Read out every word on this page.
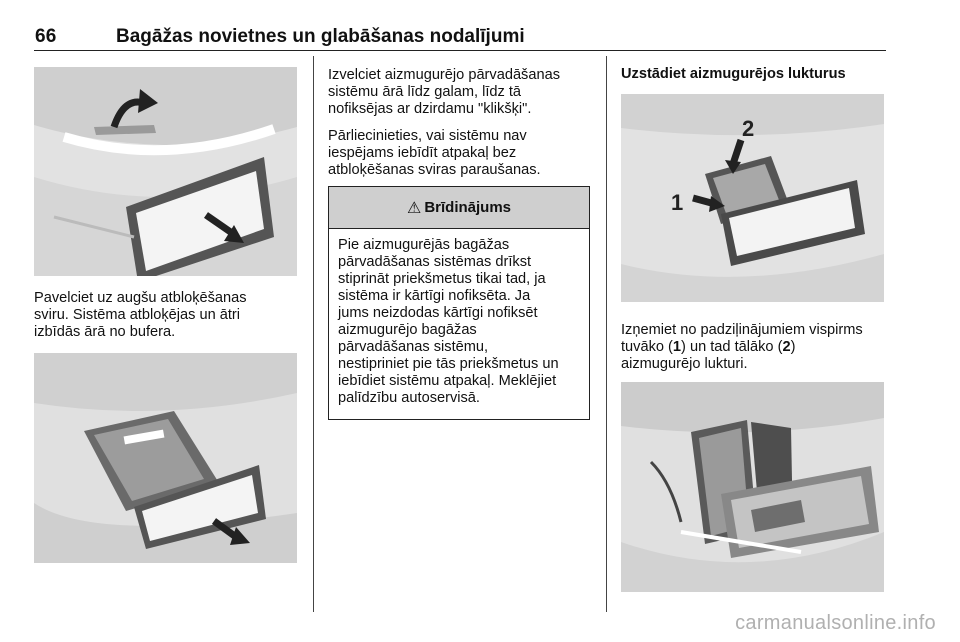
66	Bagāžas novietnes un glabāšanas nodalījumi

Pavelciet uz augšu atbloķēšanas
sviru. Sistēma atbloķējas un ātri
izbīdās ārā no bufera.

Izvelciet aizmugurējo pārvadāšanas
sistēmu ārā līdz galam, līdz tā
nofiksējas ar dzirdamu "klikšķi".

Pārliecinieties, vai sistēmu nav
iespējams iebīdīt atpakaļ bez
atbloķēšanas sviras paraušanas.

⚠ Brīdinājums

Pie aizmugurējās bagāžas
pārvadāšanas sistēmas drīkst
stiprināt priekšmetus tikai tad, ja
sistēma ir kārtīgi nofiksēta. Ja
jums neizdodas kārtīgi nofiksēt
aizmugurējo bagāžas
pārvadāšanas sistēmu,
nestipriniet pie tās priekšmetus un
iebīdiet sistēmu atpakaļ. Meklējiet
palīdzību autoservisā.

Uzstādiet aizmugurējos lukturus
2
1

Izņemiet no padziļinājumiem vispirms
tuvāko (1) un tad tālāko (2)
aizmugurējo lukturi.

carmanualsonline.info
